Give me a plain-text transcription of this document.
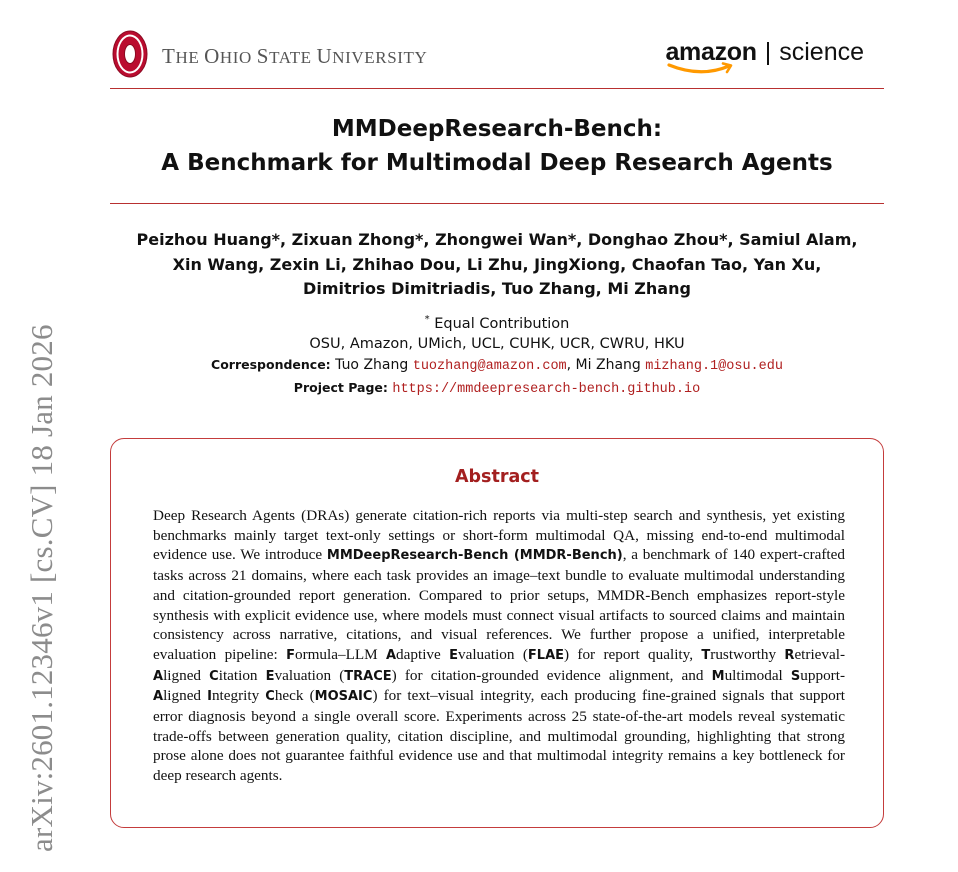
arXiv:2601.12346v1 [cs.CV] 18 Jan 2026
THE OHIO STATE UNIVERSITY	amazon | science
MMDeepResearch-Bench:
A Benchmark for Multimodal Deep Research Agents
Peizhou Huang*, Zixuan Zhong*, Zhongwei Wan*, Donghao Zhou*, Samiul Alam,
Xin Wang, Zexin Li, Zhihao Dou, Li Zhu, JingXiong, Chaofan Tao, Yan Xu,
Dimitrios Dimitriadis, Tuo Zhang, Mi Zhang
* Equal Contribution
OSU, Amazon, UMich, UCL, CUHK, UCR, CWRU, HKU
Correspondence: Tuo Zhang tuozhang@amazon.com, Mi Zhang mizhang.1@osu.edu
Project Page: https://mmdeepresearch-bench.github.io
Abstract
Deep Research Agents (DRAs) generate citation-rich reports via multi-step search and synthesis, yet existing benchmarks mainly target text-only settings or short-form multimodal QA, missing end-to-end multimodal evidence use. We introduce MMDeepResearch-Bench (MMDR-Bench), a benchmark of 140 expert-crafted tasks across 21 domains, where each task provides an image–text bundle to evaluate multimodal understanding and citation-grounded report generation. Compared to prior setups, MMDR-Bench emphasizes report-style synthesis with explicit evidence use, where models must connect visual artifacts to sourced claims and maintain consistency across narrative, citations, and visual references. We further propose a unified, interpretable evaluation pipeline: Formula–LLM Adaptive Evaluation (FLAE) for report quality, Trustworthy Retrieval-Aligned Citation Evaluation (TRACE) for citation-grounded evidence alignment, and Multimodal Support-Aligned Integrity Check (MOSAIC) for text–visual integrity, each producing fine-grained signals that support error diagnosis beyond a single overall score. Experiments across 25 state-of-the-art models reveal systematic trade-offs between generation quality, citation discipline, and multimodal grounding, highlighting that strong prose alone does not guarantee faithful evidence use and that multimodal integrity remains a key bottleneck for deep research agents.
